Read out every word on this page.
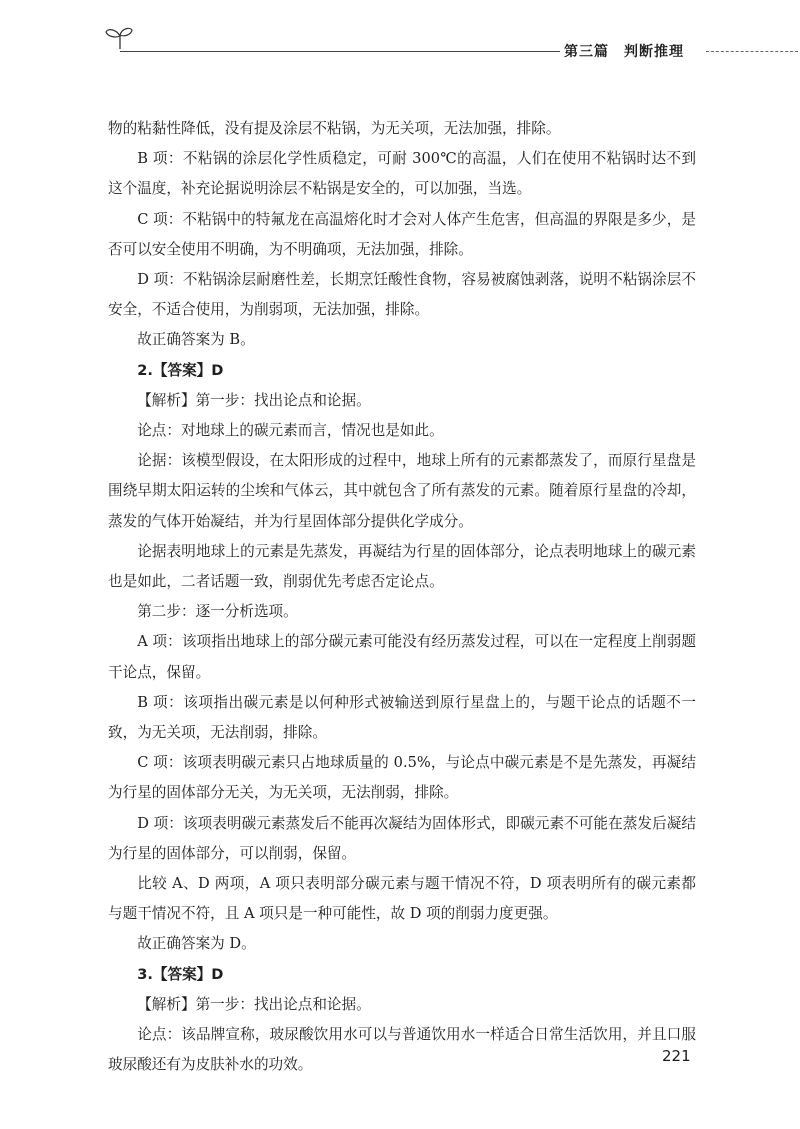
第三篇　判断推理

物的粘黏性降低，没有提及涂层不粘锅，为无关项，无法加强，排除。

B 项：不粘锅的涂层化学性质稳定，可耐 300℃的高温，人们在使用不粘锅时达不到这个温度，补充论据说明涂层不粘锅是安全的，可以加强，当选。

C 项：不粘锅中的特氟龙在高温熔化时才会对人体产生危害，但高温的界限是多少，是否可以安全使用不明确，为不明确项，无法加强，排除。

D 项：不粘锅涂层耐磨性差，长期烹饪酸性食物，容易被腐蚀剥落，说明不粘锅涂层不安全，不适合使用，为削弱项，无法加强，排除。

故正确答案为 B。

2.【答案】D

【解析】第一步：找出论点和论据。

论点：对地球上的碳元素而言，情况也是如此。

论据：该模型假设，在太阳形成的过程中，地球上所有的元素都蒸发了，而原行星盘是围绕早期太阳运转的尘埃和气体云，其中就包含了所有蒸发的元素。随着原行星盘的冷却，蒸发的气体开始凝结，并为行星固体部分提供化学成分。

论据表明地球上的元素是先蒸发，再凝结为行星的固体部分，论点表明地球上的碳元素也是如此，二者话题一致，削弱优先考虑否定论点。

第二步：逐一分析选项。

A 项：该项指出地球上的部分碳元素可能没有经历蒸发过程，可以在一定程度上削弱题干论点，保留。

B 项：该项指出碳元素是以何种形式被输送到原行星盘上的，与题干论点的话题不一致，为无关项，无法削弱，排除。

C 项：该项表明碳元素只占地球质量的 0.5%，与论点中碳元素是不是先蒸发，再凝结为行星的固体部分无关，为无关项，无法削弱，排除。

D 项：该项表明碳元素蒸发后不能再次凝结为固体形式，即碳元素不可能在蒸发后凝结为行星的固体部分，可以削弱，保留。

比较 A、D 两项，A 项只表明部分碳元素与题干情况不符，D 项表明所有的碳元素都与题干情况不符，且 A 项只是一种可能性，故 D 项的削弱力度更强。

故正确答案为 D。

3.【答案】D

【解析】第一步：找出论点和论据。

论点：该品牌宣称，玻尿酸饮用水可以与普通饮用水一样适合日常生活饮用，并且口服玻尿酸还有为皮肤补水的功效。	221
